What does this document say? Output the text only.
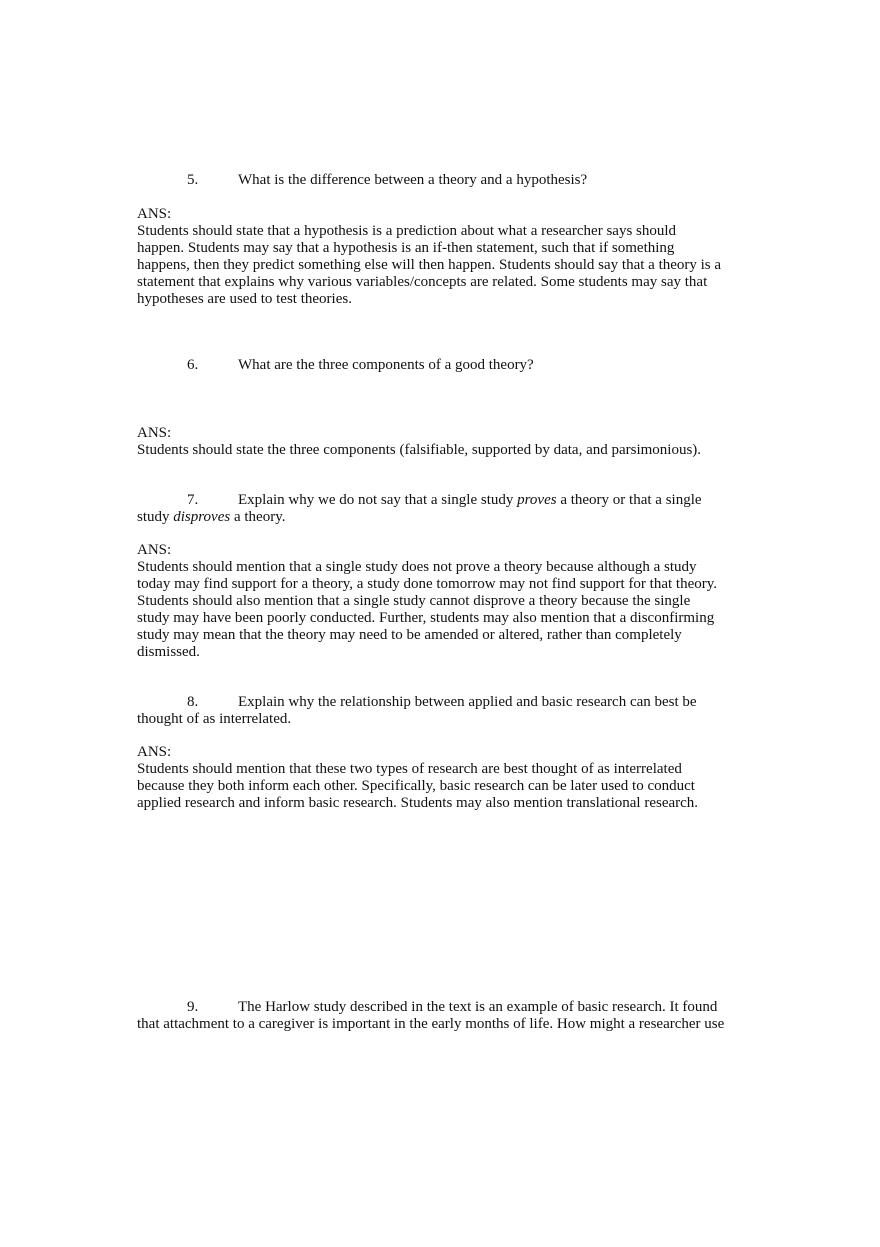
5.	What is the difference between a theory and a hypothesis?
ANS:
Students should state that a hypothesis is a prediction about what a researcher says should
happen. Students may say that a hypothesis is an if-then statement, such that if something
happens, then they predict something else will then happen. Students should say that a theory is a
statement that explains why various variables/concepts are related. Some students may say that
hypotheses are used to test theories.
6.	What are the three components of a good theory?
ANS:
Students should state the three components (falsifiable, supported by data, and parsimonious).
7.	Explain why we do not say that a single study proves a theory or that a single
study disproves a theory.
ANS:
Students should mention that a single study does not prove a theory because although a study
today may find support for a theory, a study done tomorrow may not find support for that theory.
Students should also mention that a single study cannot disprove a theory because the single
study may have been poorly conducted. Further, students may also mention that a disconfirming
study may mean that the theory may need to be amended or altered, rather than completely
dismissed.
8.	Explain why the relationship between applied and basic research can best be
thought of as interrelated.
ANS:
Students should mention that these two types of research are best thought of as interrelated
because they both inform each other. Specifically, basic research can be later used to conduct
applied research and inform basic research. Students may also mention translational research.
9.	The Harlow study described in the text is an example of basic research. It found
that attachment to a caregiver is important in the early months of life. How might a researcher use
